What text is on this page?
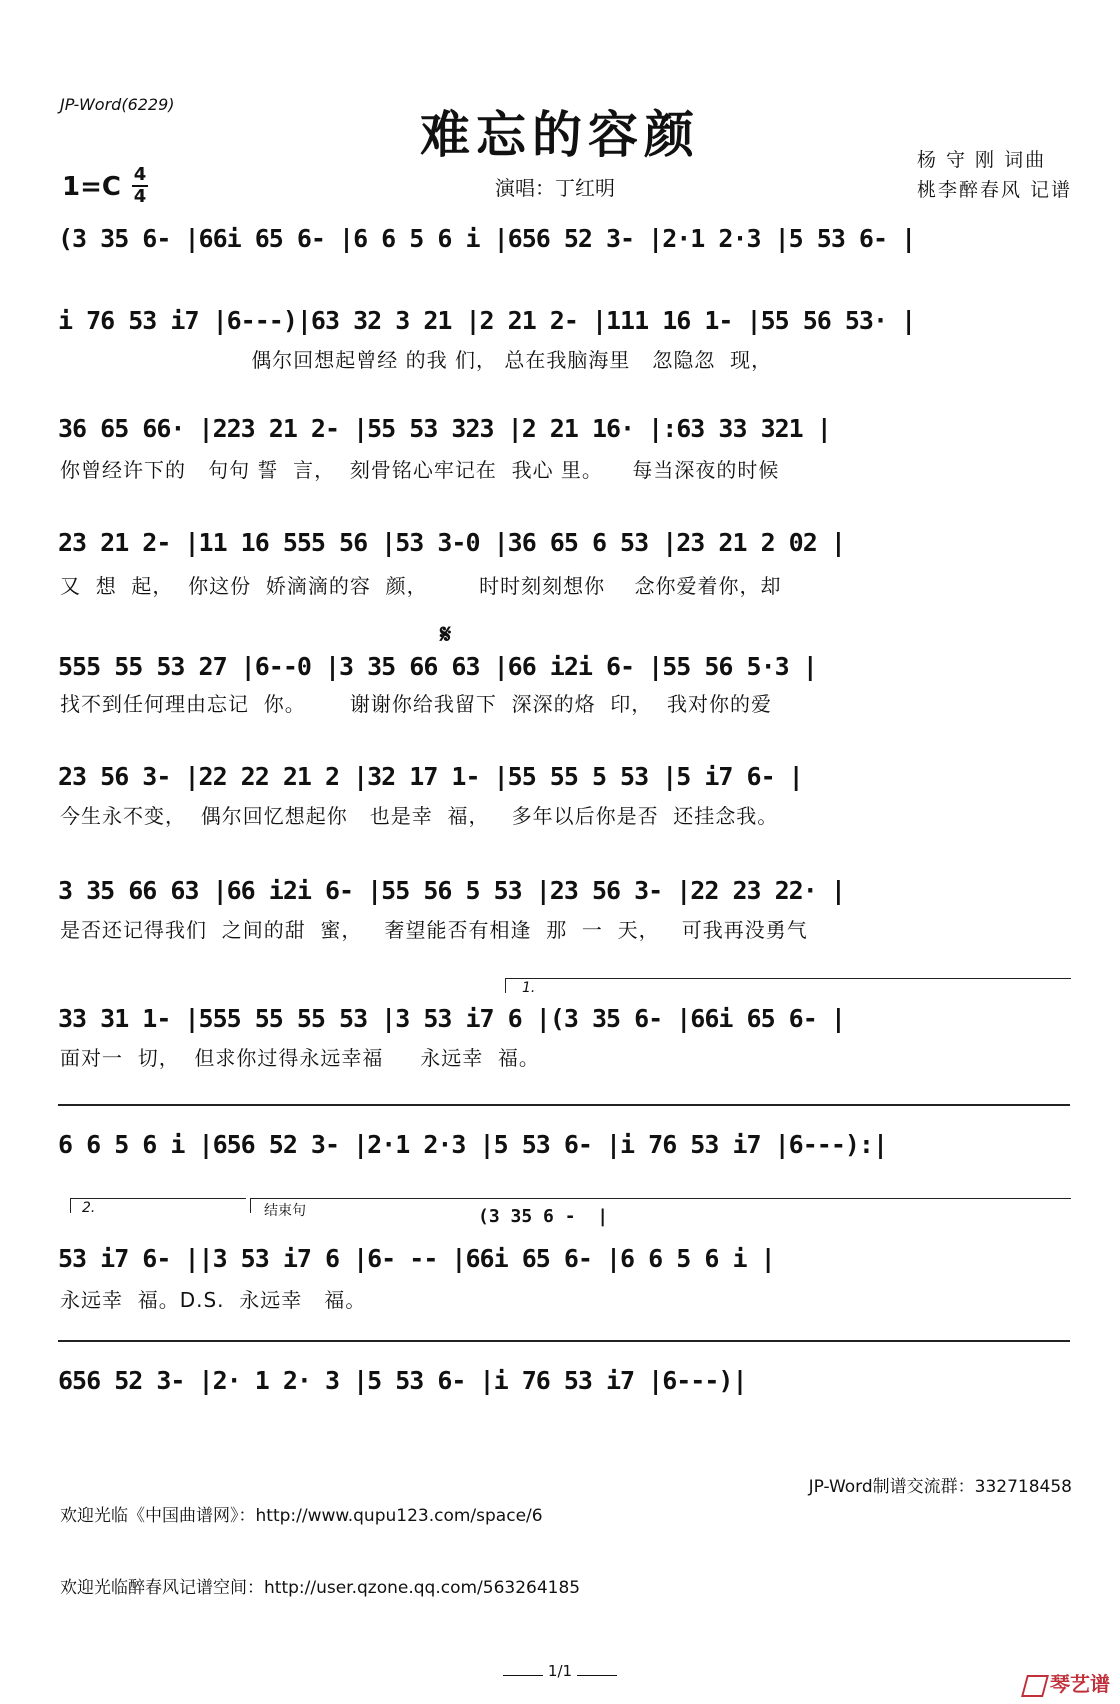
JP-Word(6229)
难忘的容颜	杨 守 刚 词曲
桃李醉春风 记谱
1=C 4
4	演唱：丁红明
(3 35 6- |66i 65 6- |6 6 5 6 i |656 52 3- |2·1 2·3 |5 53 6- |
i 76 53 i7 |6---)|63 32 3 21 |2 21 2- |111 16 1- |55 56 53· |
偶尔回想起曾经 的我 们， 总在我脑海里   忽隐忽  现，
36 65 66· |223 21 2- |55 53 323 |2 21 16· |:63 33 321 |
你曾经许下的   句句 誓  言，  刻骨铭心牢记在  我心 里。    每当深夜的时候
23 21 2- |11 16 555 56 |53 3-0 |36 65 6 53 |23 21 2 02 |
又  想  起，  你这份  娇滴滴的容  颜，       时时刻刻想你    念你爱着你，却
𝄋
555 55 53 27 |6--0 |3 35 66 63 |66 i2i 6- |55 56 5·3 |
找不到任何理由忘记  你。      谢谢你给我留下  深深的烙  印，  我对你的爱
23 56 3- |22 22 21 2 |32 17 1- |55 55 5 53 |5 i7 6- |
今生永不变，  偶尔回忆想起你   也是幸  福，   多年以后你是否  还挂念我。
3 35 66 63 |66 i2i 6- |55 56 5 53 |23 56 3- |22 23 22· |
是否还记得我们  之间的甜  蜜，   奢望能否有相逢  那  一  天，   可我再没勇气
1.
33 31 1- |555 55 55 53 |3 53 i7 6 |(3 35 6- |66i 65 6- |
面对一  切，  但求你过得永远幸福     永远幸  福。
6 6 5 6 i |656 52 3- |2·1 2·3 |5 53 6- |i 76 53 i7 |6---):|
2.	结束句	(3 35 6 -  |
53 i7 6- ||3 53 i7 6 |6- -- |66i 65 6- |6 6 5 6 i |
永远幸  福。D.S.  永远幸   福。
656 52 3- |2· 1 2· 3 |5 53 6- |i 76 53 i7 |6---)|

欢迎光临《中国曲谱网》：http://www.qupu123.com/space/6

欢迎光临醉春风记谱空间：http://user.qzone.qq.com/563264185

JP-Word制谱交流群：332718458
1/1
琴艺谱
